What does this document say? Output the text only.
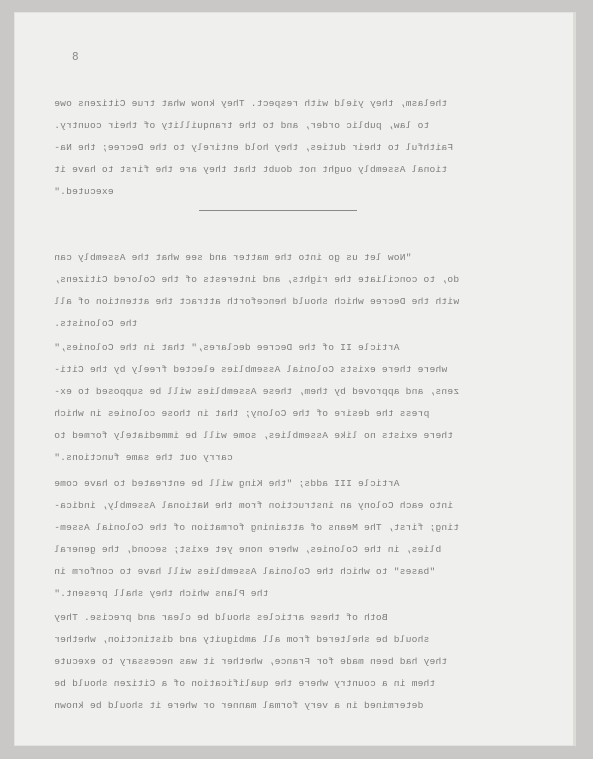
8
thelasm, they yield with respect. They know what true Citizens owe
to law, public order, and to the tranquillity of their country.
Faithful to their duties, they hold entirely to the Decree; the Na-
tional Assembly ought not doubt that they are the first to have it
executed."
"Now let us go into the matter and see what the Assembly can
do, to conciliate the rights, and interests of the Colored Citizens,
with the Decree which should henceforth attract the attention of all
the Colonists.
Article II of the Decree declares," that in the Colonies,"
where there exists Colonial Assemblies elected freely by the Citi-
zens, and approved by them, these Assemblies will be supposed to ex-
press the desire of the Colony; that in those colonies in which
there exists no like Assemblies, some will be immediately formed to
carry out the same functions."
Article III adds; "the King will be entreated to have come
into each Colony an instruction from the National Assembly, indica-
ting; first, The Means of attaining formation of the Colonial Assem-
blies, in the Colonies, where none yet exist; second, the general
"bases" to which the Colonial Assemblies will have to conform in
the Plans which they shall present."
Both of these articles should be clear and precise. They
should be sheltered from all ambiguity and distinction, whether
they had been made for France, whether it was necessary to execute
them in a country where the qualification of a Citizen should be
determined in a very formal manner or where it should be known
